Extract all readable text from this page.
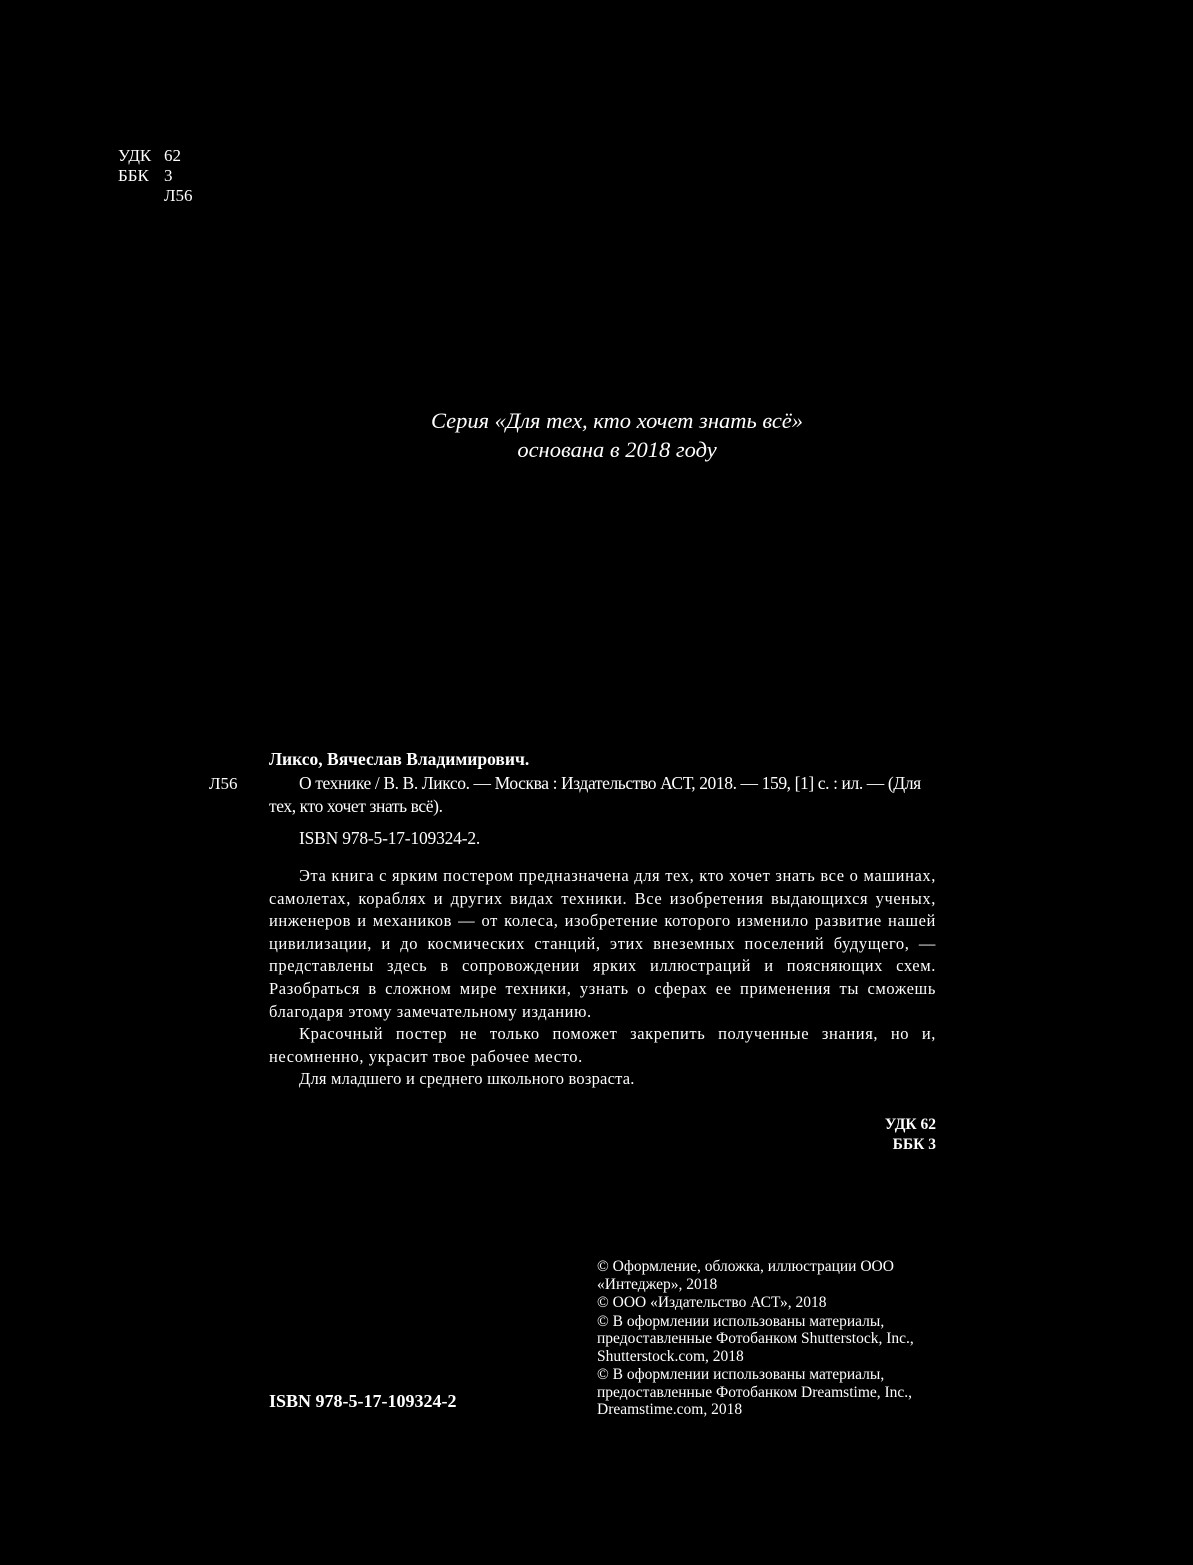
УДК 62
ББК 3
Л56
Серия «Для тех, кто хочет знать всё»
основана в 2018 году
Л56
Ликсо, Вячеслав Владимирович.
О технике / В. В. Ликсо. — Москва : Издательство АСТ, 2018. — 159, [1] с. : ил. — (Для тех, кто хочет знать всё).
ISBN 978-5-17-109324-2.

Эта книга с ярким постером предназначена для тех, кто хочет знать все о машинах, самолетах, кораблях и других видах техники. Все изобретения выдающихся ученых, инженеров и механиков — от колеса, изобретение которого изменило развитие нашей цивилизации, и до космических станций, этих внеземных поселений будущего, — представлены здесь в сопровождении ярких иллюстраций и поясняющих схем. Разобраться в сложном мире техники, узнать о сферах ее применения ты сможешь благодаря этому замечательному изданию.

Красочный постер не только поможет закрепить полученные знания, но и, несомненно, украсит твое рабочее место.

Для младшего и среднего школьного возраста.

УДК 62
ББК 3
© Оформление, обложка, иллюстрации ООО «Интеджер», 2018
© ООО «Издательство АСТ», 2018
© В оформлении использованы материалы, предоставленные Фотобанком Shutterstock, Inc., Shutterstock.com, 2018
© В оформлении использованы материалы, предоставленные Фотобанком Dreamstime, Inc., Dreamstime.com, 2018
ISBN 978-5-17-109324-2
